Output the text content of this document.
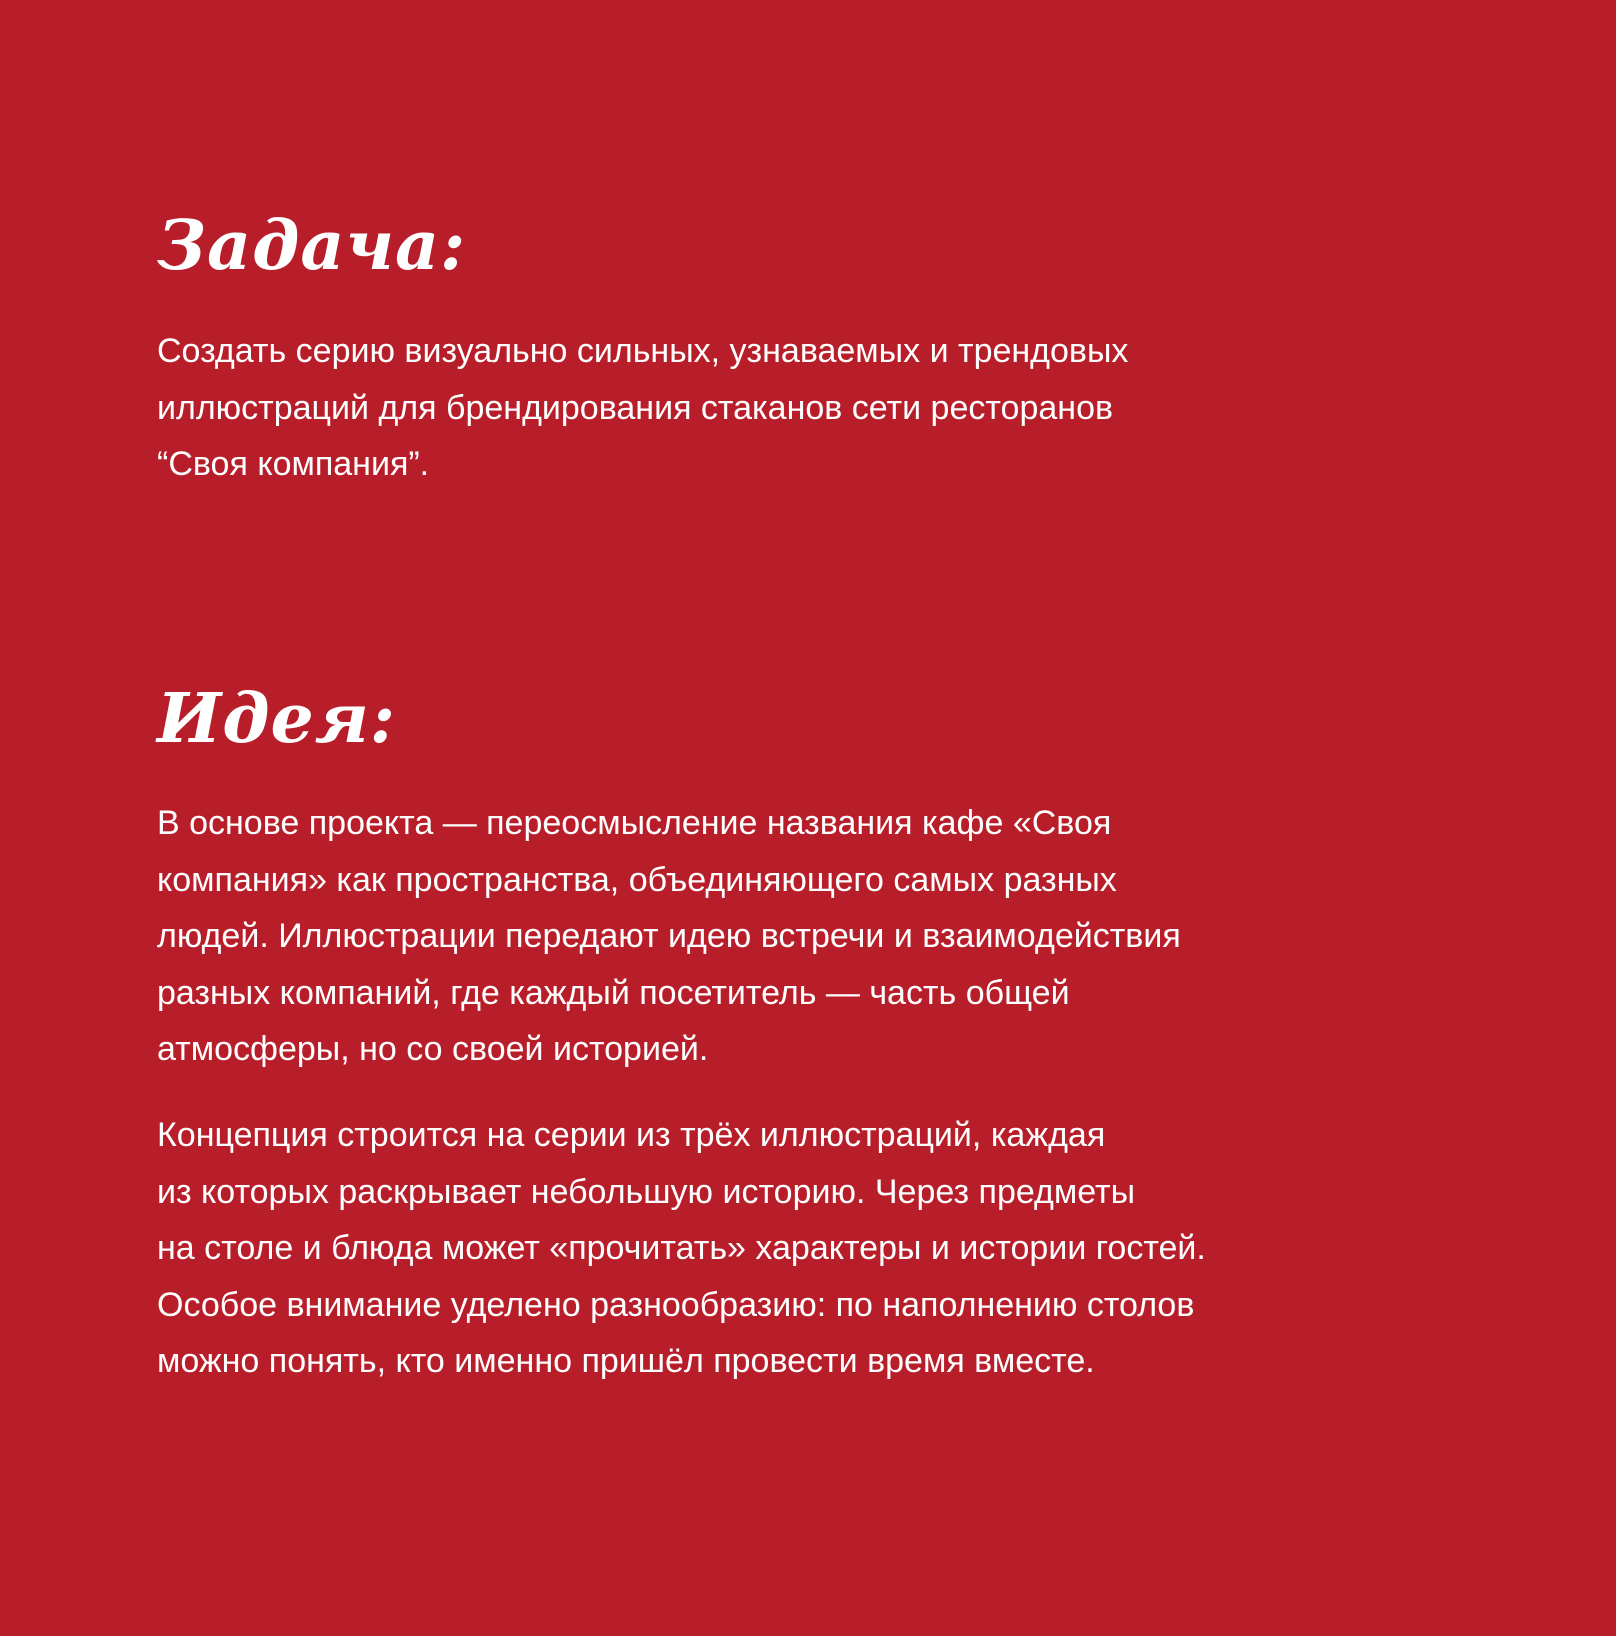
Задача:
Создать серию визуально сильных, узнаваемых и трендовых
иллюстраций для брендирования стаканов сети ресторанов
“Своя компания”.
Идея:
В основе проекта — переосмысление названия кафе «Своя
компания» как пространства, объединяющего самых разных
людей. Иллюстрации передают идею встречи и взаимодействия
разных компаний, где каждый посетитель — часть общей
атмосферы, но со своей историей.
Концепция строится на серии из трёх иллюстраций, каждая
из которых раскрывает небольшую историю. Через предметы
на столе и блюда может «прочитать» характеры и истории гостей.
Особое внимание уделено разнообразию: по наполнению столов
можно понять, кто именно пришёл провести время вместе.
